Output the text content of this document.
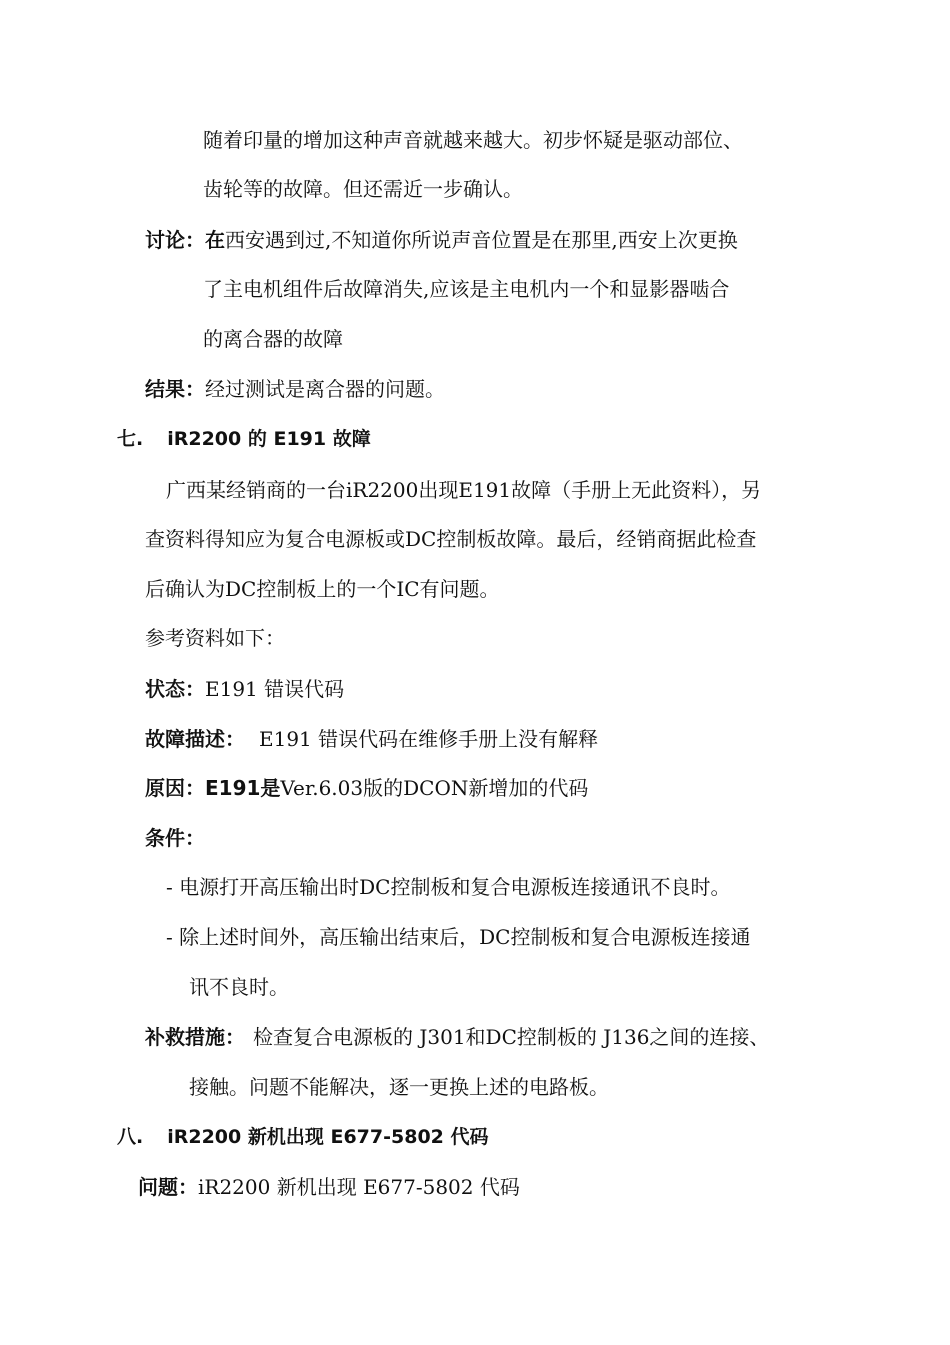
随着印量的增加这种声音就越来越大。初步怀疑是驱动部位、
齿轮等的故障。但还需近一步确认。
讨论：在西安遇到过,不知道你所说声音位置是在那里,西安上次更换
了主电机组件后故障消失,应该是主电机内一个和显影器啮合
的离合器的故障
结果：经过测试是离合器的问题。
七. iR2200 的 E191 故障
广西某经销商的一台iR2200出现E191故障（手册上无此资料），另
查资料得知应为复合电源板或DC控制板故障。最后，经销商据此检查
后确认为DC控制板上的一个IC有问题。
参考资料如下：
状态：E191 错误代码
故障描述： E191 错误代码在维修手册上没有解释
原因：E191是Ver.6.03版的DCON新增加的代码
条件：
- 电源打开高压输出时DC控制板和复合电源板连接通讯不良时。
- 除上述时间外，高压输出结束后，DC控制板和复合电源板连接通
讯不良时。
补救措施： 检查复合电源板的 J301和DC控制板的 J136之间的连接、
接触。问题不能解决，逐一更换上述的电路板。
八. iR2200 新机出现 E677-5802 代码
问题：iR2200 新机出现 E677-5802 代码
